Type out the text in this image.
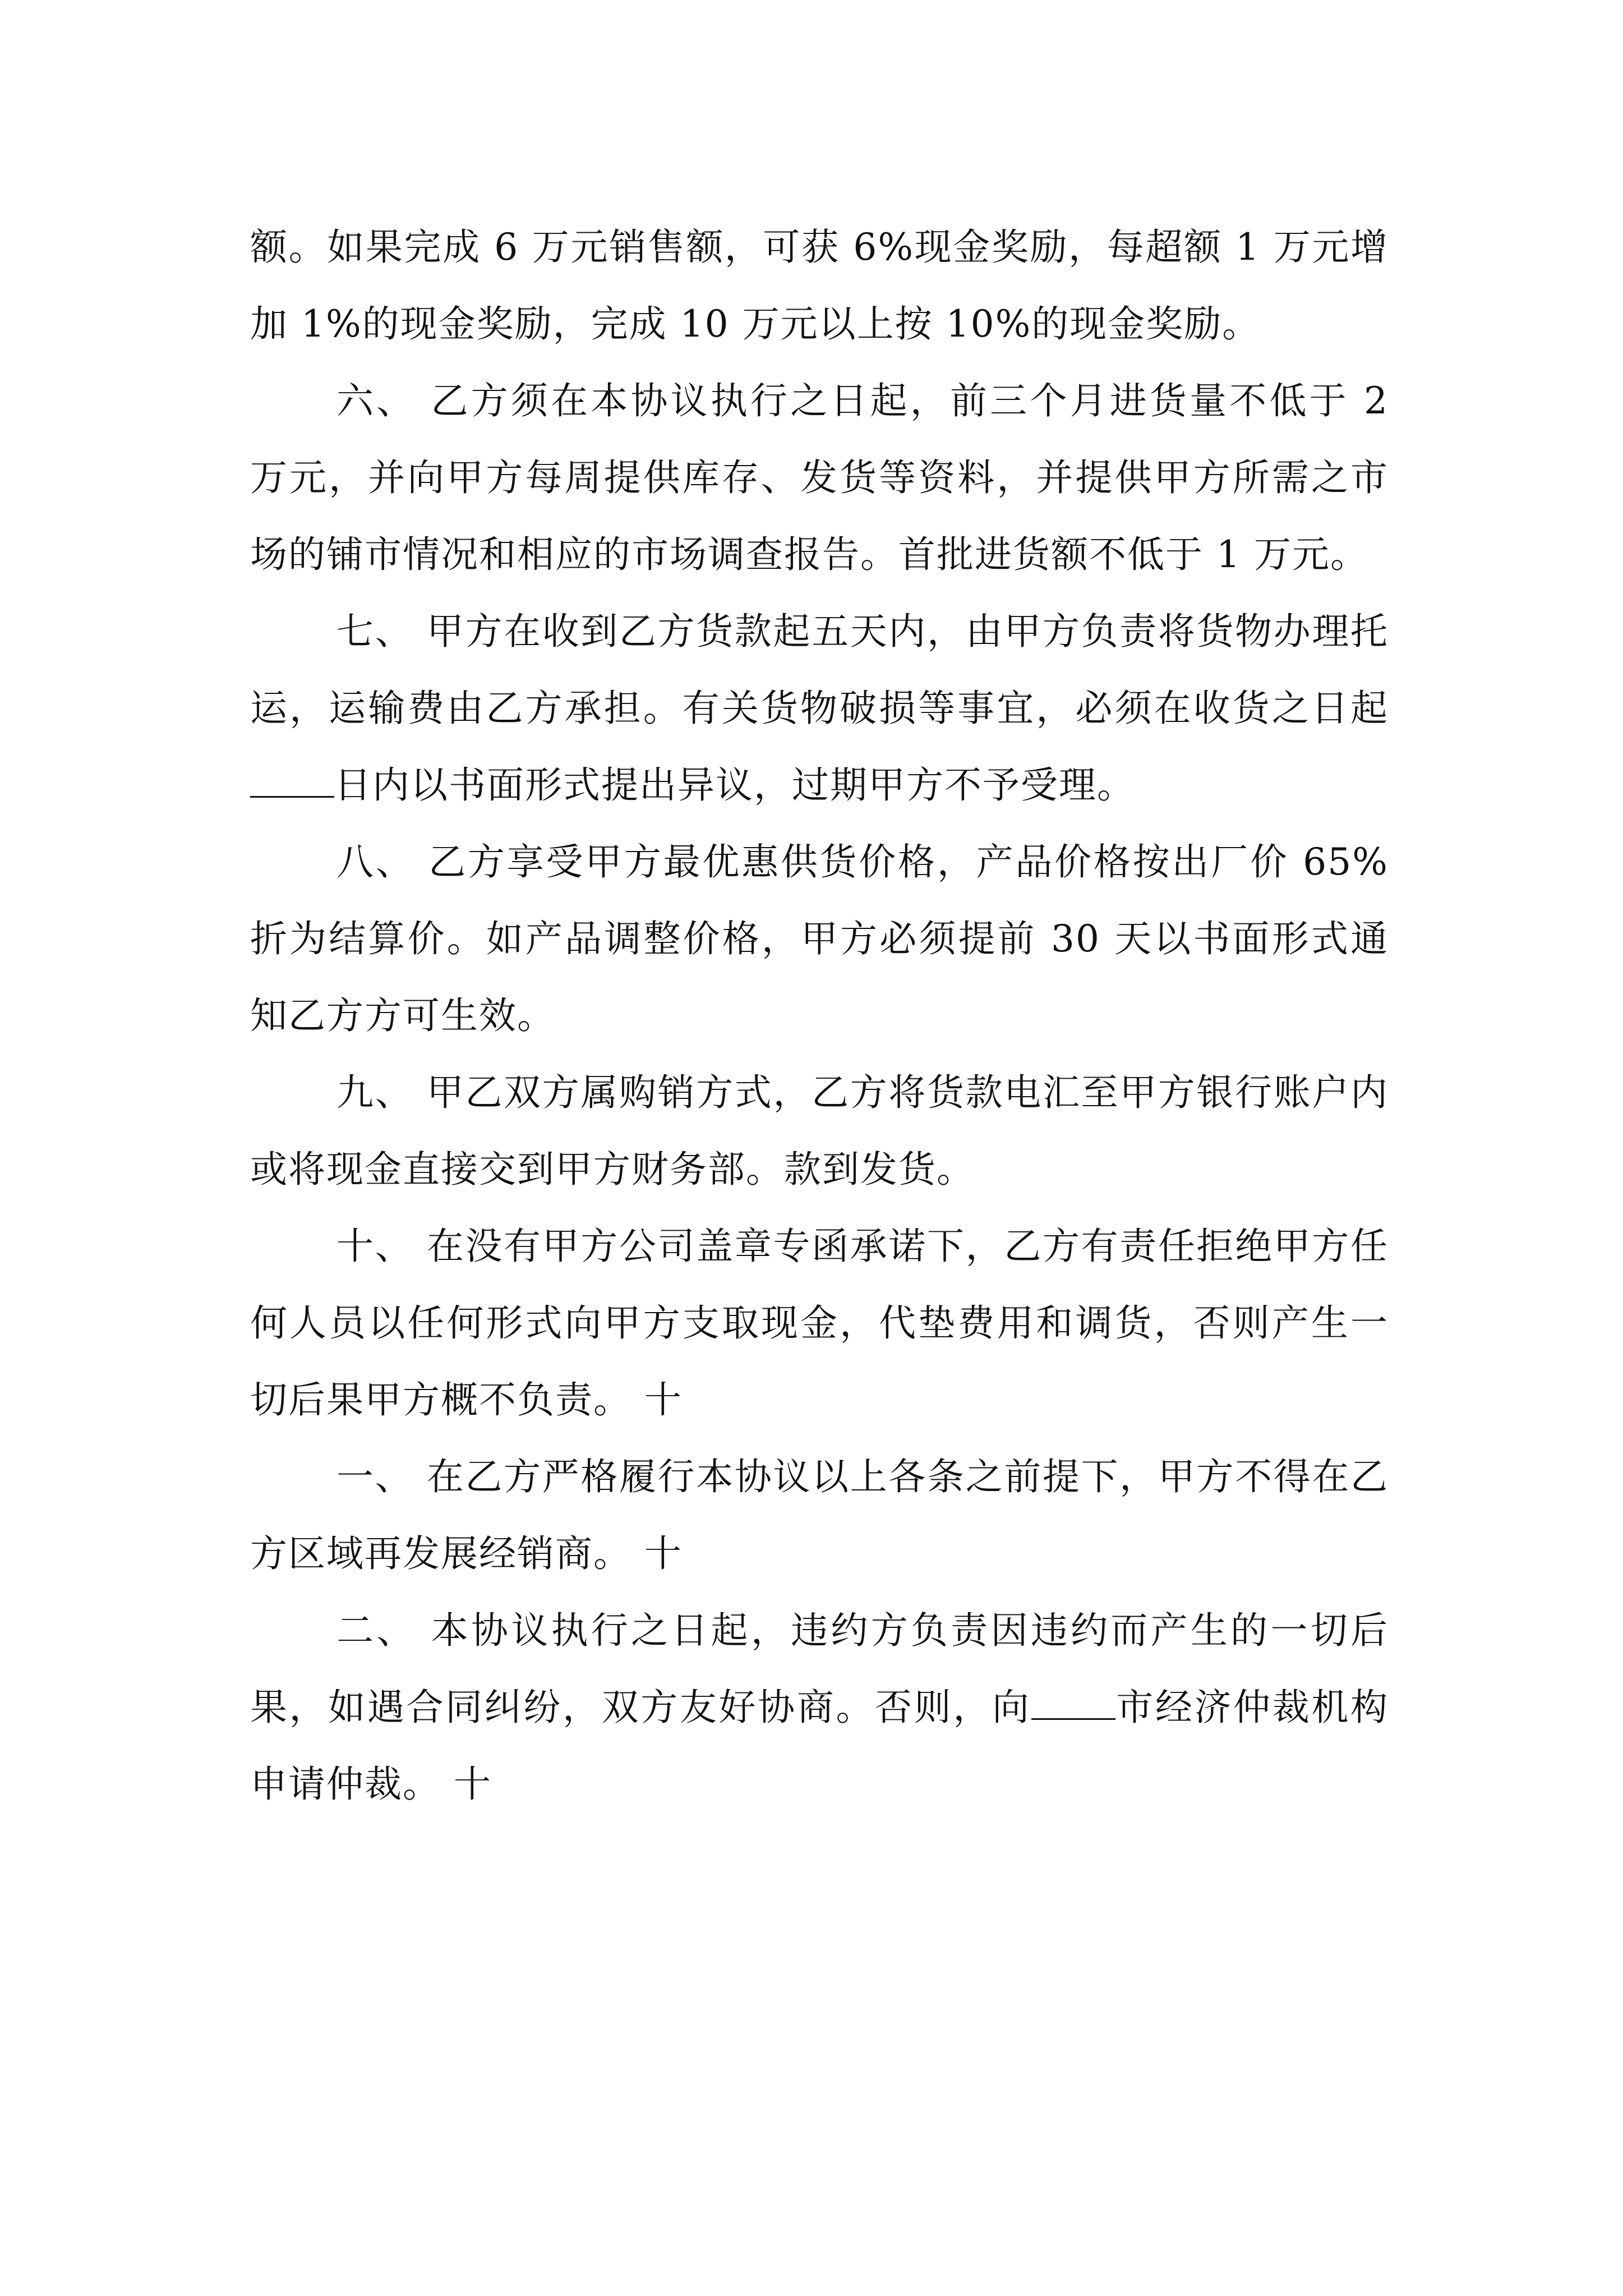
额。如果完成 6 万元销售额，可获 6%现金奖励，每超额 1 万元增加 1%的现金奖励，完成 10 万元以上按 10%的现金奖励。

六、 乙方须在本协议执行之日起，前三个月进货量不低于 2 万元，并向甲方每周提供库存、发货等资料，并提供甲方所需之市场的铺市情况和相应的市场调查报告。首批进货额不低于 1 万元。

七、 甲方在收到乙方货款起五天内，由甲方负责将货物办理托运，运输费由乙方承担。有关货物破损等事宜，必须在收货之日起日内以书面形式提出异议，过期甲方不予受理。

八、 乙方享受甲方最优惠供货价格，产品价格按出厂价 65%折为结算价。如产品调整价格，甲方必须提前 30 天以书面形式通知乙方方可生效。

九、 甲乙双方属购销方式，乙方将货款电汇至甲方银行账户内或将现金直接交到甲方财务部。款到发货。

十、 在没有甲方公司盖章专函承诺下，乙方有责任拒绝甲方任何人员以任何形式向甲方支取现金，代垫费用和调货，否则产生一切后果甲方概不负责。 十

一、 在乙方严格履行本协议以上各条之前提下，甲方不得在乙方区域再发展经销商。 十

二、 本协议执行之日起，违约方负责因违约而产生的一切后果，如遇合同纠纷，双方友好协商。否则，向 市经济仲裁机构申请仲裁。 十
